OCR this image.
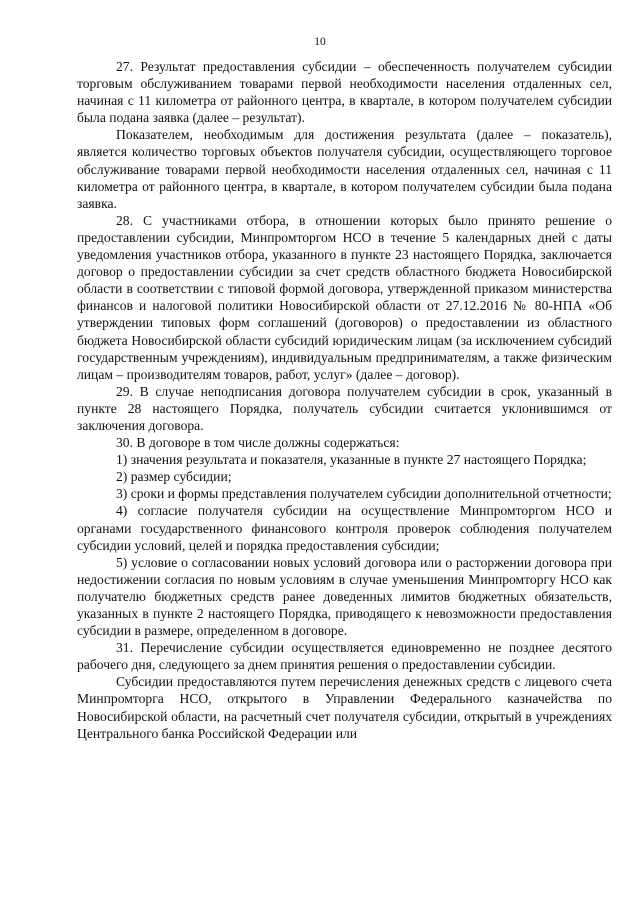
10

27. Результат предоставления субсидии – обеспеченность получателем субсидии торговым обслуживанием товарами первой необходимости населения отдаленных сел, начиная с 11 километра от районного центра, в квартале, в котором получателем субсидии была подана заявка (далее – результат).

Показателем, необходимым для достижения результата (далее – показатель), является количество торговых объектов получателя субсидии, осуществляющего торговое обслуживание товарами первой необходимости населения отдаленных сел, начиная с 11 километра от районного центра, в квартале, в котором получателем субсидии была подана заявка.

28. С участниками отбора, в отношении которых было принято решение о предоставлении субсидии, Минпромторгом НСО в течение 5 календарных дней с даты уведомления участников отбора, указанного в пункте 23 настоящего Порядка, заключается договор о предоставлении субсидии за счет средств областного бюджета Новосибирской области в соответствии с типовой формой договора, утвержденной приказом министерства финансов и налоговой политики Новосибирской области от 27.12.2016 № 80-НПА «Об утверждении типовых форм соглашений (договоров) о предоставлении из областного бюджета Новосибирской области субсидий юридическим лицам (за исключением субсидий государственным учреждениям), индивидуальным предпринимателям, а также физическим лицам – производителям товаров, работ, услуг» (далее – договор).

29. В случае неподписания договора получателем субсидии в срок, указанный в пункте 28 настоящего Порядка, получатель субсидии считается уклонившимся от заключения договора.

30. В договоре в том числе должны содержаться:

1) значения результата и показателя, указанные в пункте 27 настоящего Порядка;

2) размер субсидии;

3) сроки и формы представления получателем субсидии дополнительной отчетности;

4) согласие получателя субсидии на осуществление Минпромторгом НСО и органами государственного финансового контроля проверок соблюдения получателем субсидии условий, целей и порядка предоставления субсидии;

5) условие о согласовании новых условий договора или о расторжении договора при недостижении согласия по новым условиям в случае уменьшения Минпромторгу НСО как получателю бюджетных средств ранее доведенных лимитов бюджетных обязательств, указанных в пункте 2 настоящего Порядка, приводящего к невозможности предоставления субсидии в размере, определенном в договоре.

31. Перечисление субсидии осуществляется единовременно не позднее десятого рабочего дня, следующего за днем принятия решения о предоставлении субсидии.

Субсидии предоставляются путем перечисления денежных средств с лицевого счета Минпромторга НСО, открытого в Управлении Федерального казначейства по Новосибирской области, на расчетный счет получателя субсидии, открытый в учреждениях Центрального банка Российской Федерации или
